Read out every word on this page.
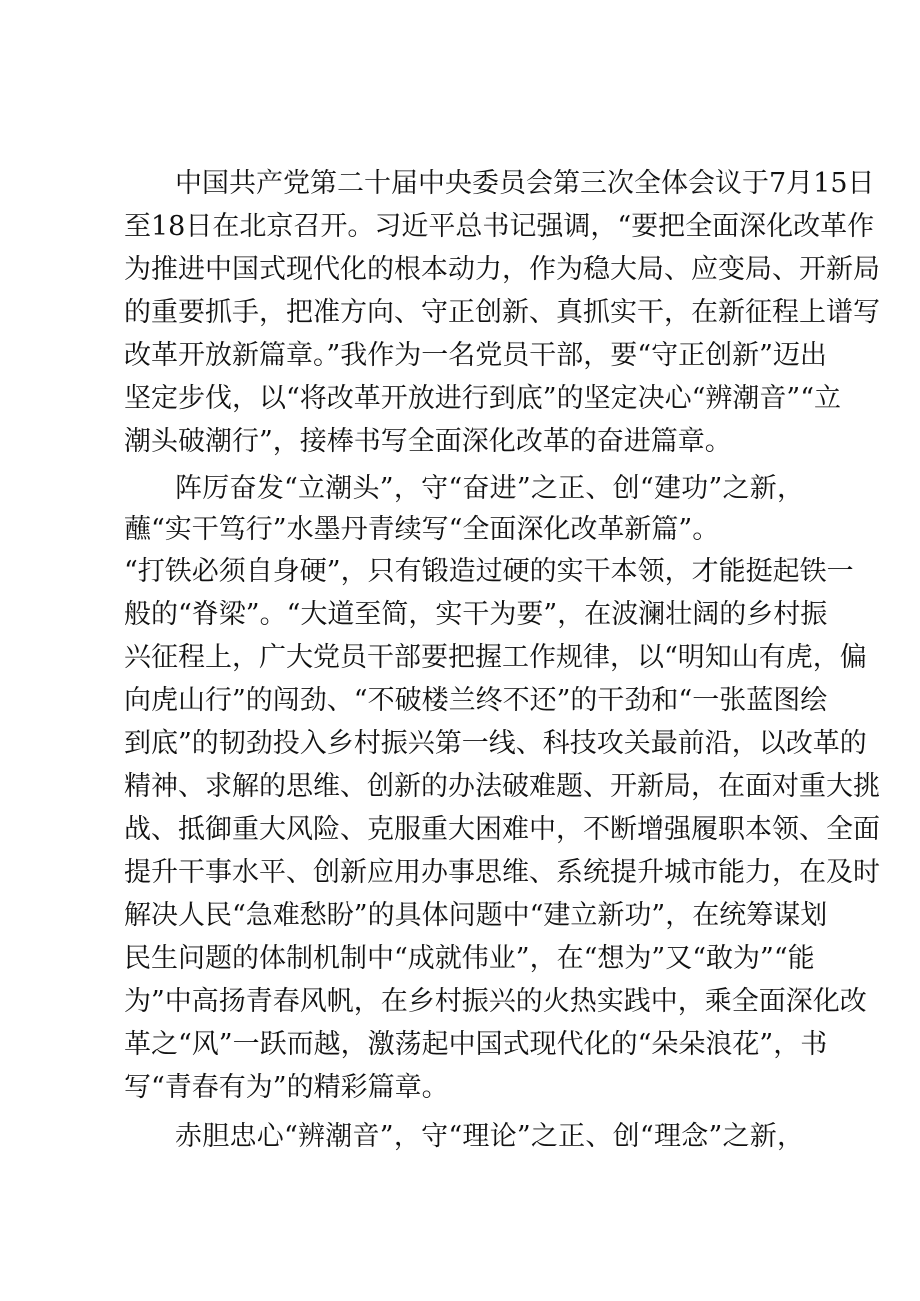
中国共产党第二十届中央委员会第三次全体会议于7月15日
至18日在北京召开。习近平总书记强调，“要把全面深化改革作
为推进中国式现代化的根本动力，作为稳大局、应变局、开新局
的重要抓手，把准方向、守正创新、真抓实干，在新征程上谱写
改革开放新篇章。”我作为一名党员干部，要“守正创新”迈出
坚定步伐，以“将改革开放进行到底”的坚定决心“辨潮音”“立
潮头破潮行”，接棒书写全面深化改革的奋进篇章。
阵厉奋发“立潮头”，守“奋进”之正、创“建功”之新，
蘸“实干笃行”水墨丹青续写“全面深化改革新篇”。
“打铁必须自身硬”，只有锻造过硬的实干本领，才能挺起铁一
般的“脊梁”。“大道至简，实干为要”，在波澜壮阔的乡村振
兴征程上，广大党员干部要把握工作规律，以“明知山有虎，偏
向虎山行”的闯劲、“不破楼兰终不还”的干劲和“一张蓝图绘
到底”的韧劲投入乡村振兴第一线、科技攻关最前沿，以改革的
精神、求解的思维、创新的办法破难题、开新局，在面对重大挑
战、抵御重大风险、克服重大困难中，不断增强履职本领、全面
提升干事水平、创新应用办事思维、系统提升城市能力，在及时
解决人民“急难愁盼”的具体问题中“建立新功”，在统筹谋划
民生问题的体制机制中“成就伟业”，在“想为”又“敢为”“能
为”中高扬青春风帆，在乡村振兴的火热实践中，乘全面深化改
革之“风”一跃而越，激荡起中国式现代化的“朵朵浪花”，书
写“青春有为”的精彩篇章。
赤胆忠心“辨潮音”，守“理论”之正、创“理念”之新，
